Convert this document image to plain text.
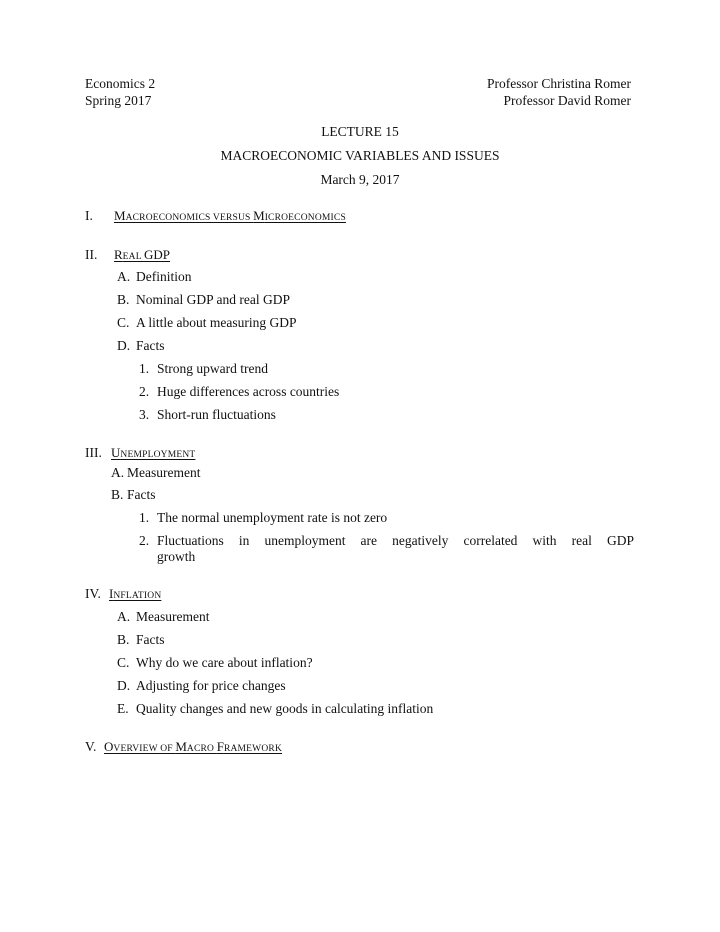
Economics 2
Spring 2017
Professor Christina Romer
Professor David Romer
LECTURE 15
MACROECONOMIC VARIABLES AND ISSUES
March 9, 2017
I. MACROECONOMICS VERSUS MICROECONOMICS
II. REAL GDP
A. Definition
B. Nominal GDP and real GDP
C. A little about measuring GDP
D. Facts
1. Strong upward trend
2. Huge differences across countries
3. Short-run fluctuations
III. UNEMPLOYMENT
A. Measurement
B. Facts
1. The normal unemployment rate is not zero
2. Fluctuations in unemployment are negatively correlated with real GDP
growth
IV. INFLATION
A. Measurement
B. Facts
C. Why do we care about inflation?
D. Adjusting for price changes
E. Quality changes and new goods in calculating inflation
V. OVERVIEW OF MACRO FRAMEWORK
